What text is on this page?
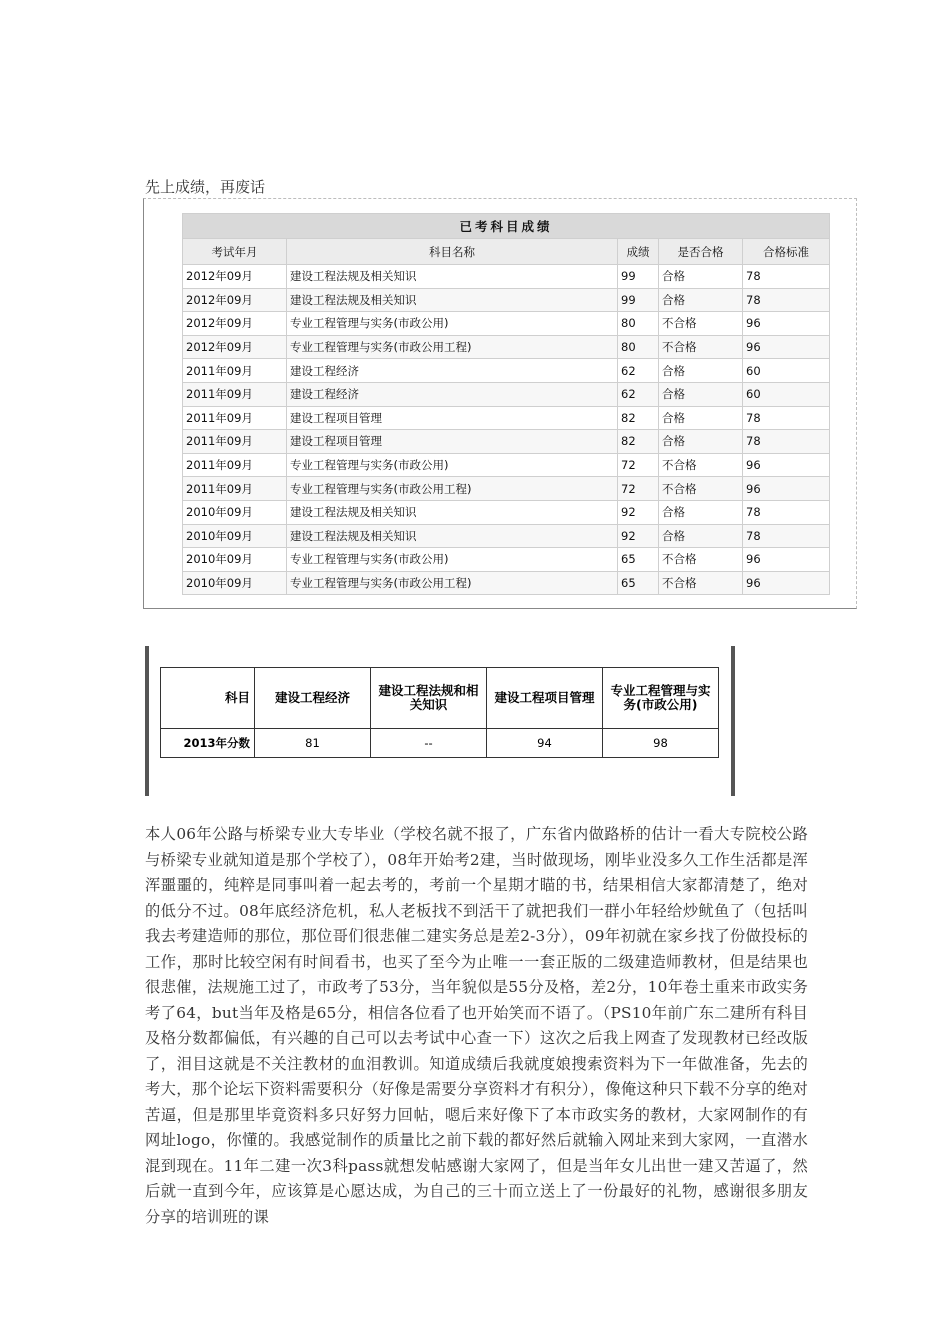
先上成绩，再废话
已考科目成绩				
考试年月	科目名称	成绩	是否合格	合格标准
2012年09月	建设工程法规及相关知识	99	合格	78
2012年09月	建设工程法规及相关知识	99	合格	78
2012年09月	专业工程管理与实务(市政公用)	80	不合格	96
2012年09月	专业工程管理与实务(市政公用工程)	80	不合格	96
2011年09月	建设工程经济	62	合格	60
2011年09月	建设工程经济	62	合格	60
2011年09月	建设工程项目管理	82	合格	78
2011年09月	建设工程项目管理	82	合格	78
2011年09月	专业工程管理与实务(市政公用)	72	不合格	96
2011年09月	专业工程管理与实务(市政公用工程)	72	不合格	96
2010年09月	建设工程法规及相关知识	92	合格	78
2010年09月	建设工程法规及相关知识	92	合格	78
2010年09月	专业工程管理与实务(市政公用)	65	不合格	96
2010年09月	专业工程管理与实务(市政公用工程)	65	不合格	96
科目	建设工程经济	建设工程法规和相关知识	建设工程项目管理	专业工程管理与实务(市政公用)
2013年分数	81	--	94	98

本人06年公路与桥梁专业大专毕业（学校名就不报了，广东省内做路桥的估计一看大专院校公路与桥梁专业就知道是那个学校了），08年开始考2建，当时做现场，刚毕业没多久工作生活都是浑浑噩噩的，纯粹是同事叫着一起去考的，考前一个星期才瞄的书，结果相信大家都清楚了，绝对的低分不过。08年底经济危机，私人老板找不到活干了就把我们一群小年轻给炒鱿鱼了（包括叫我去考建造师的那位，那位哥们很悲催二建实务总是差2-3分），09年初就在家乡找了份做投标的工作，那时比较空闲有时间看书，也买了至今为止唯一一套正版的二级建造师教材，但是结果也很悲催，法规施工过了，市政考了53分，当年貌似是55分及格，差2分，10年卷土重来市政实务考了64，but当年及格是65分，相信各位看了也开始笑而不语了。（PS10年前广东二建所有科目及格分数都偏低，有兴趣的自己可以去考试中心查一下）这次之后我上网查了发现教材已经改版了，泪目这就是不关注教材的血泪教训。知道成绩后我就度娘搜索资料为下一年做准备，先去的考大，那个论坛下资料需要积分（好像是需要分享资料才有积分），像俺这种只下载不分享的绝对苦逼，但是那里毕竟资料多只好努力回帖，嗯后来好像下了本市政实务的教材，大家网制作的有网址logo，你懂的。我感觉制作的质量比之前下载的都好然后就输入网址来到大家网，一直潜水混到现在。11年二建一次3科pass就想发帖感谢大家网了，但是当年女儿出世一建又苦逼了，然后就一直到今年，应该算是心愿达成，为自己的三十而立送上了一份最好的礼物，感谢很多朋友分享的培训班的课
